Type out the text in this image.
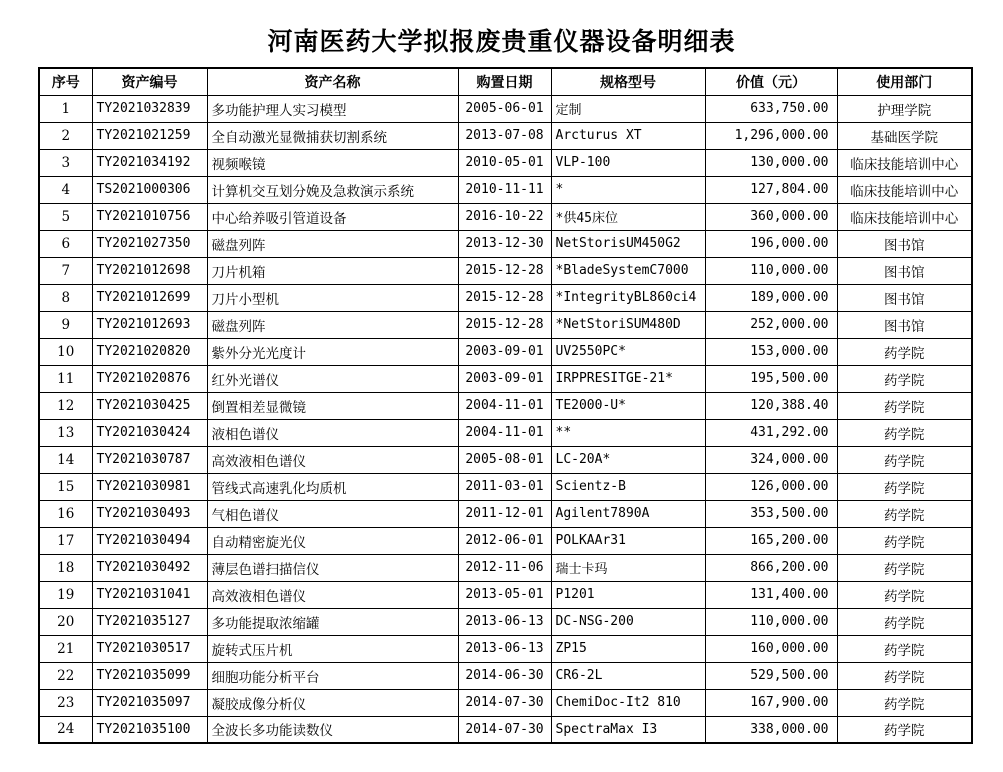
河南医药大学拟报废贵重仪器设备明细表
序号	资产编号	资产名称	购置日期	规格型号	价值（元）	使用部门
1	TY2021032839	多功能护理人实习模型	2005-06-01	定制	633,750.00	护理学院
2	TY2021021259	全自动激光显微捕获切割系统	2013-07-08	Arcturus XT	1,296,000.00	基础医学院
3	TY2021034192	视频喉镜	2010-05-01	VLP-100	130,000.00	临床技能培训中心
4	TS2021000306	计算机交互划分娩及急救演示系统	2010-11-11	*	127,804.00	临床技能培训中心
5	TY2021010756	中心给养吸引管道设备	2016-10-22	*供45床位	360,000.00	临床技能培训中心
6	TY2021027350	磁盘列阵	2013-12-30	NetStorisUM450G2	196,000.00	图书馆
7	TY2021012698	刀片机箱	2015-12-28	*BladeSystemC7000	110,000.00	图书馆
8	TY2021012699	刀片小型机	2015-12-28	*IntegrityBL860ci4	189,000.00	图书馆
9	TY2021012693	磁盘列阵	2015-12-28	*NetStoriSUM480D	252,000.00	图书馆
10	TY2021020820	紫外分光光度计	2003-09-01	UV2550PC*	153,000.00	药学院
11	TY2021020876	红外光谱仪	2003-09-01	IRPPRESITGE-21*	195,500.00	药学院
12	TY2021030425	倒置相差显微镜	2004-11-01	TE2000-U*	120,388.40	药学院
13	TY2021030424	液相色谱仪	2004-11-01	**	431,292.00	药学院
14	TY2021030787	高效液相色谱仪	2005-08-01	LC-20A*	324,000.00	药学院
15	TY2021030981	管线式高速乳化均质机	2011-03-01	Scientz-B	126,000.00	药学院
16	TY2021030493	气相色谱仪	2011-12-01	Agilent7890A	353,500.00	药学院
17	TY2021030494	自动精密旋光仪	2012-06-01	POLKAAr31	165,200.00	药学院
18	TY2021030492	薄层色谱扫描信仪	2012-11-06	瑞士卡玛	866,200.00	药学院
19	TY2021031041	高效液相色谱仪	2013-05-01	P1201	131,400.00	药学院
20	TY2021035127	多功能提取浓缩罐	2013-06-13	DC-NSG-200	110,000.00	药学院
21	TY2021030517	旋转式压片机	2013-06-13	ZP15	160,000.00	药学院
22	TY2021035099	细胞功能分析平台	2014-06-30	CR6-2L	529,500.00	药学院
23	TY2021035097	凝胶成像分析仪	2014-07-30	ChemiDoc-It2 810	167,900.00	药学院
24	TY2021035100	全波长多功能读数仪	2014-07-30	SpectraMax I3	338,000.00	药学院
